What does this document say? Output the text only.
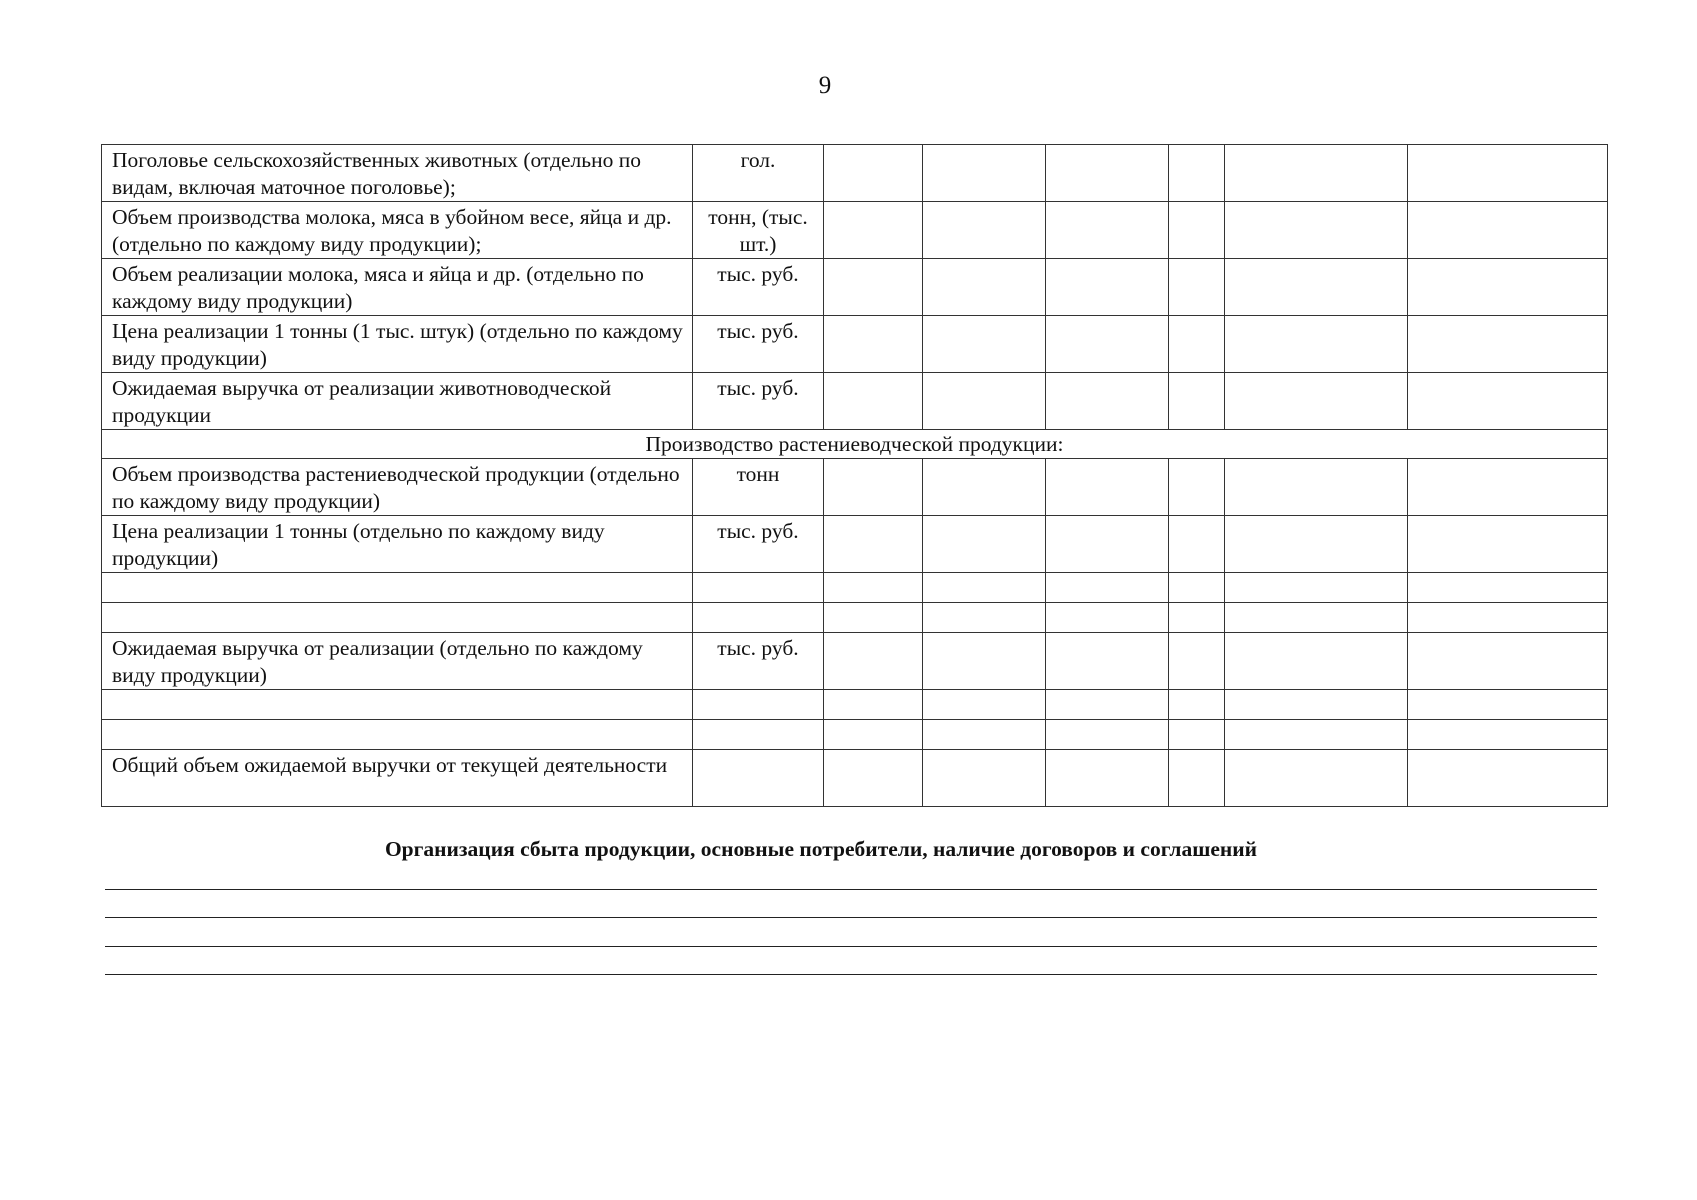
9
Поголовье сельскохозяйственных животных (отдельно по видам, включая маточное поголовье);	гол.						
Объем производства молока, мяса в убойном весе, яйца и др. (отдельно по каждому виду продукции);	тонн, (тыс. шт.)						
Объем реализации молока, мяса и яйца и др. (отдельно по каждому виду продукции)	тыс. руб.						
Цена реализации 1 тонны (1 тыс. штук) (отдельно по каждому виду продукции)	тыс. руб.						
Ожидаемая выручка от реализации животноводческой продукции	тыс. руб.						
Производство растениеводческой продукции:							
Объем производства растениеводческой продукции (отдельно по каждому виду продукции)	тонн						
Цена реализации 1 тонны (отдельно по каждому виду продукции)	тыс. руб.						

Ожидаемая выручка от реализации (отдельно по каждому виду продукции)	тыс. руб.						

Общий объем ожидаемой выручки от текущей деятельности							
Организация сбыта продукции, основные потребители, наличие договоров и соглашений
